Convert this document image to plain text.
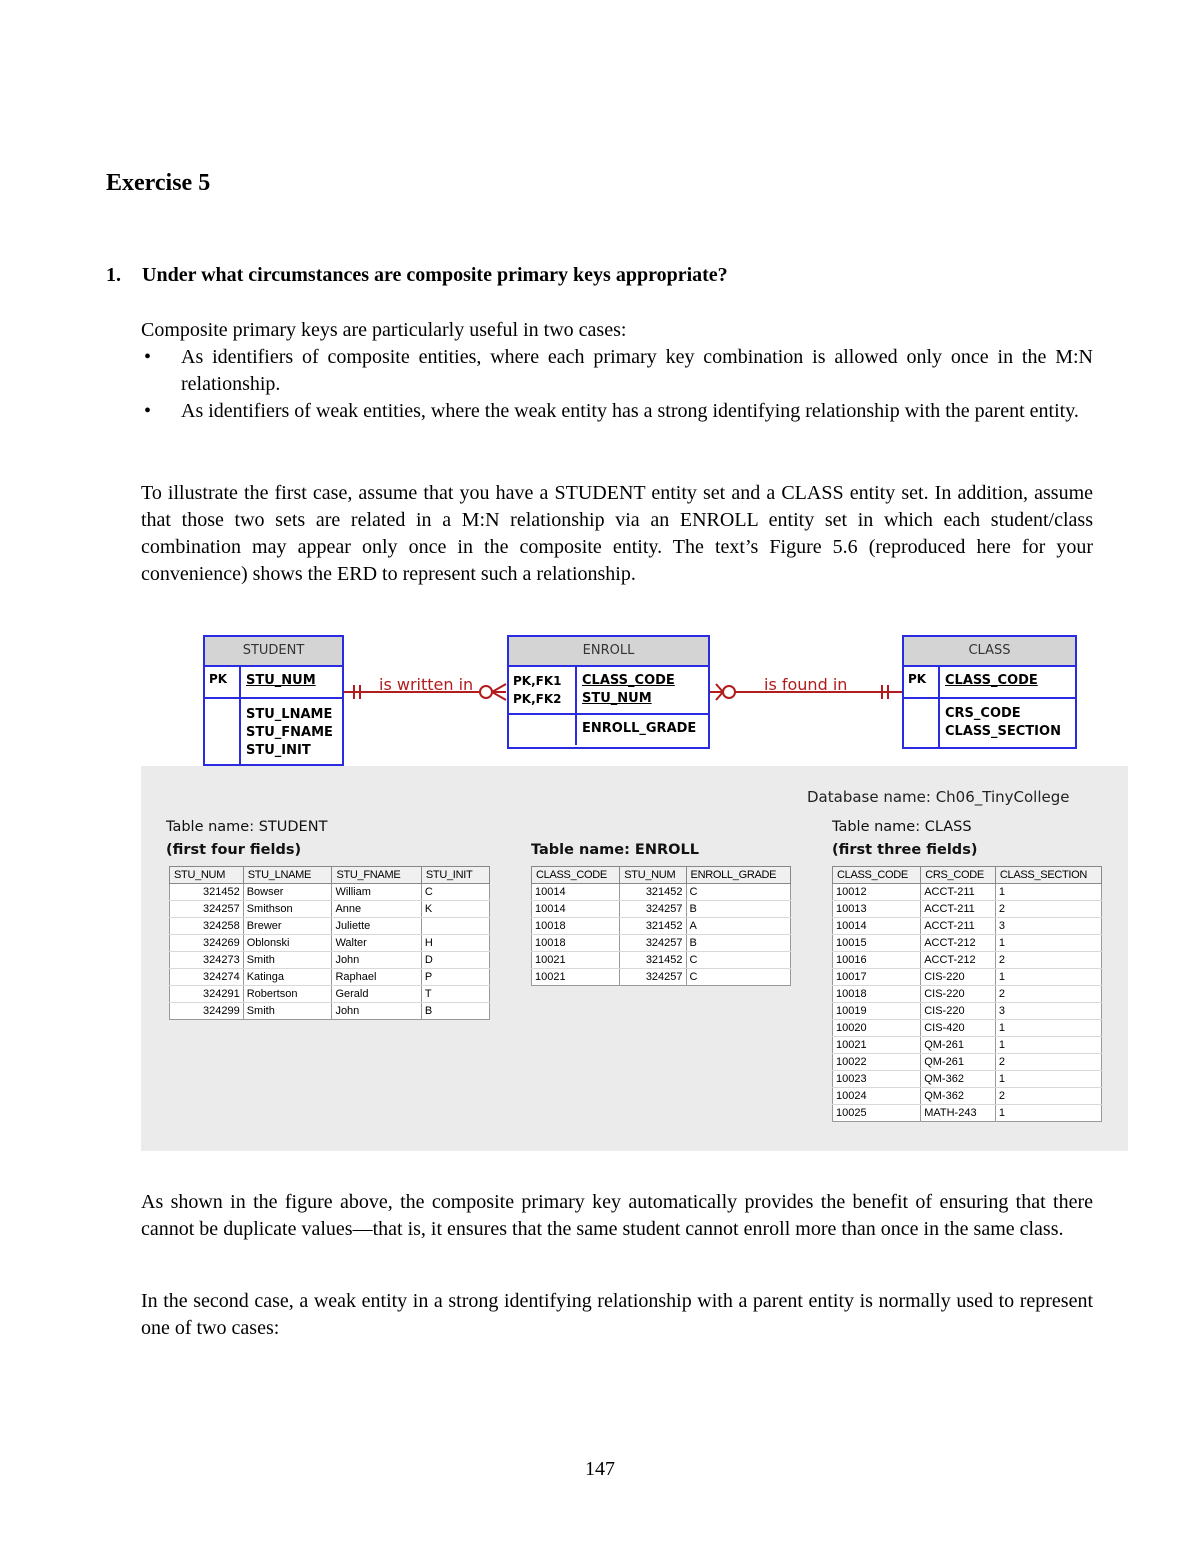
Exercise 5
1. Under what circumstances are composite primary keys appropriate?

Composite primary keys are particularly useful in two cases:

• As identifiers of composite entities, where each primary key combination is allowed only once in the M:N relationship.
• As identifiers of weak entities, where the weak entity has a strong identifying relationship with the parent entity.

To illustrate the first case, assume that you have a STUDENT entity set and a CLASS entity set. In addition, assume that those two sets are related in a M:N relationship via an ENROLL entity set in which each student/class combination may appear only once in the composite entity. The text’s Figure 5.6 (reproduced here for your convenience) shows the ERD to represent such a relationship.

is written in	is found in
STUDENT
PK	STU_NUM
STU_LNAME
STU_FNAME
STU_INIT
ENROLL
PK,FK1
PK,FK2
CLASS_CODE
STU_NUM
ENROLL_GRADE
CLASS
PK	CLASS_CODE
CRS_CODE
CLASS_SECTION
Database name: Ch06_TinyCollege
Table name: STUDENT
(first four fields)	Table name: ENROLL
Table name: CLASS
(first three fields)
STU_NUM	STU_LNAME	STU_FNAME	STU_INIT
321452	Bowser	William	C
324257	Smithson	Anne	K
324258	Brewer	Juliette	
324269	Oblonski	Walter	H
324273	Smith	John	D
324274	Katinga	Raphael	P
324291	Robertson	Gerald	T
324299	Smith	John	B
CLASS_CODE	STU_NUM	ENROLL_GRADE
10014	321452	C
10014	324257	B
10018	321452	A
10018	324257	B
10021	321452	C
10021	324257	C
CLASS_CODE	CRS_CODE	CLASS_SECTION
10012	ACCT-211	1
10013	ACCT-211	2
10014	ACCT-211	3
10015	ACCT-212	1
10016	ACCT-212	2
10017	CIS-220	1
10018	CIS-220	2
10019	CIS-220	3
10020	CIS-420	1
10021	QM-261	1
10022	QM-261	2
10023	QM-362	1
10024	QM-362	2
10025	MATH-243	1

As shown in the figure above, the composite primary key automatically provides the benefit of ensuring that there cannot be duplicate values—that is, it ensures that the same student cannot enroll more than once in the same class.

In the second case, a weak entity in a strong identifying relationship with a parent entity is normally used to represent one of two cases:

147
